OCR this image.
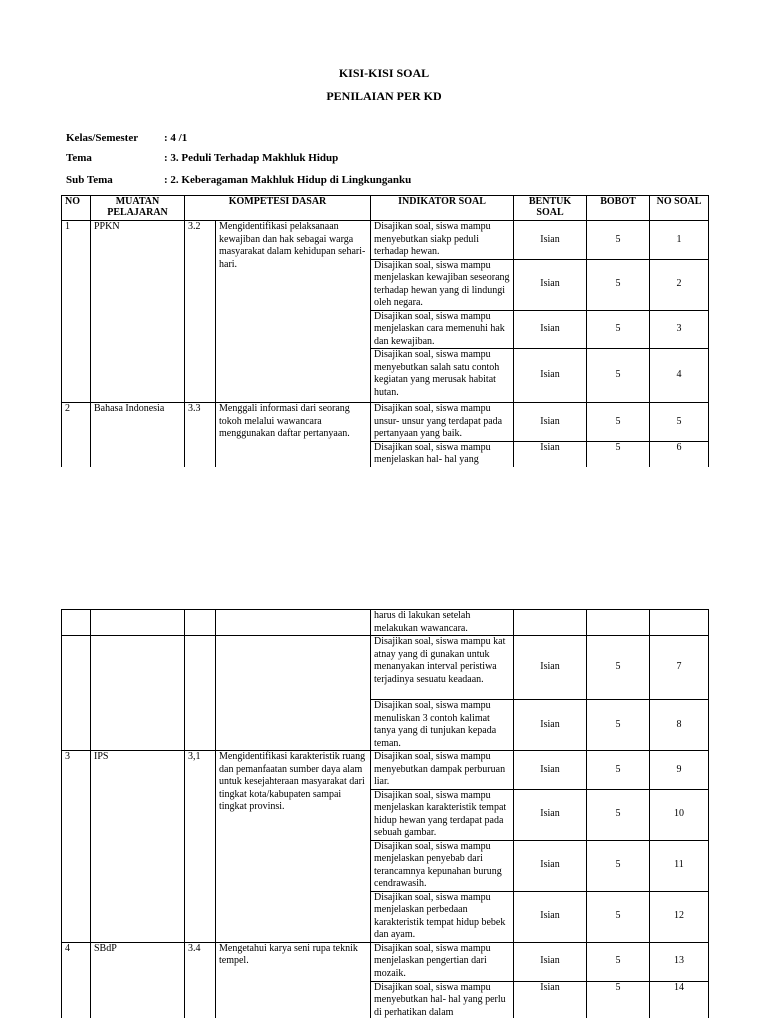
KISI-KISI SOAL
PENILAIAN PER KD
Kelas/Semester : 4 /1
Tema	: 3. Peduli Terhadap Makhluk Hidup
Sub Tema	: 2. Keberagaman Makhluk Hidup di Lingkunganku
NO	MUATAN PELAJARAN	KOMPETESI DASAR		INDIKATOR SOAL	BENTUK SOAL	BOBOT	NO SOAL
1	PPKN	3.2	Mengidentifikasi pelaksanaan kewajiban dan hak sebagai warga masyarakat dalam kehidupan sehari-hari.	Disajikan soal, siswa mampu menyebutkan siakp peduli terhadap hewan.	Isian	5	1
				Disajikan soal, siswa mampu menjelaskan kewajiban seseorang terhadap hewan yang di lindungi oleh negara.	Isian	5	2
				Disajikan soal, siswa mampu menjelaskan cara memenuhi hak dan kewajiban.	Isian	5	3
				Disajikan soal, siswa mampu menyebutkan salah satu contoh kegiatan yang merusak habitat hutan.	Isian	5	4
2	Bahasa Indonesia	3.3	Menggali informasi dari seorang tokoh melalui wawancara menggunakan daftar pertanyaan.	Disajikan soal, siswa mampu unsur- unsur yang terdapat pada pertanyaan yang baik.	Isian	5	5
				Disajikan soal, siswa mampu menjelaskan hal- hal yang	Isian	5	6
				harus di lakukan setelah melakukan wawancara.			
				Disajikan soal, siswa mampu kat atnay yang di gunakan untuk menanyakan interval peristiwa terjadinya sesuatu keadaan.	Isian	5	7
				Disajikan soal, siswa mampu menuliskan 3 contoh kalimat tanya yang di tunjukan kepada teman.	Isian	5	8
3	IPS	3,1	Mengidentifikasi karakteristik ruang dan pemanfaatan sumber daya alam untuk kesejahteraan masyarakat dari tingkat kota/kabupaten sampai tingkat provinsi.	Disajikan soal, siswa mampu menyebutkan dampak perburuan liar.	Isian	5	9
				Disajikan soal, siswa mampu menjelaskan karakteristik tempat hidup hewan yang terdapat pada sebuah gambar.	Isian	5	10
				Disajikan soal, siswa mampu menjelaskan penyebab dari terancamnya kepunahan burung cendrawasih.	Isian	5	11
				Disajikan soal, siswa mampu menjelaskan perbedaan karakteristik tempat hidup bebek dan ayam.	Isian	5	12
4	SBdP	3.4	Mengetahui karya seni rupa teknik tempel.	Disajikan soal, siswa mampu menjelaskan pengertian dari mozaik.	Isian	5	13
				Disajikan soal, siswa mampu menyebutkan hal- hal yang perlu di perhatikan dalam	Isian	5	14
